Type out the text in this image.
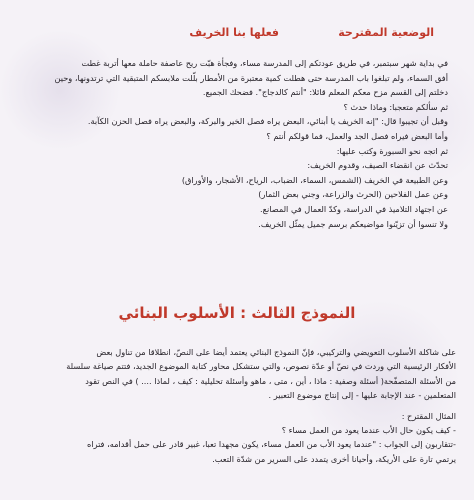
الوضعية المقترحة
فعلها بنا الخريف

في بداية شهر سبتمبر، في طريق عودتكم إلى المدرسة مساء، وفجأة هبّت ريح عاصفة حاملة معها أتربة غطت

أفق السماء، ولم تبلغوا باب المدرسة حتى هطلت كمية معتبرة من الأمطار بلّلت ملابسكم المتبقية التي ترتدونها، وحين

دخلتم إلى القسم مزح معكم المعلم قائلا: "أنتم كالدجاج". فضحك الجميع.

ثم سألكم متعجبا: وماذا حدث ؟

وقبل أن تجيبوا قال: "إنه الخريف يا أبنائي، البعض يراه فصل الخير والبركة، والبعض يراه فصل الحزن الكآبة.

وأما البعض فيراه فصل الجد والعمل، فما قولكم أنتم ؟

ثم اتجه نحو السبورة وكتب عليها:

تحدّث عن انقضاء الصيف، وقدوم الخريف:

وعن الطبيعة في الخريف (الشمس، السماء، الضباب، الرياح، الأشجار، والأوراق)

وعن عمل الفلاحين (الحرث والزراعة، وجني بعض الثمار)

عن اجتهاد التلاميذ في الدراسة، وكدّ العمال في المصانع.

ولا تنسوا أن تزيّنوا مواضيعكم برسم جميل يمثّل الخريف.

النموذج الثالث : الأسلوب البنائي

على شاكلة الأسلوب التعويضي والتركيبي، فإنّ النموذج البنائي يعتمد أيضا على النصّ، انطلاقا من تناول بعض

الأفكار الرئيسية التي وردت في نصّ أو عدّة نصوص، والتي ستشكل محاور كتابة الموضوع الجديد، فتتم صياغة سلسلة

من الأسئلة المتصفّحة( أسئلة وصفية : ماذا ، أين ، متى ، ماهو وأسئلة تحليلية : كيف ، لماذا .... ) في النص تقود

المتعلمين - عند الإجابة عليها - إلى إنتاج موضوع التعبير .

المثال المقترح :

- كيف يكون حال الأب عندما يعود من العمل مساء ؟

-تتقاربون إلى الجواب : "عندما يعود الأب من العمل مساء، يكون مجهدا تعبا، غبير قادر على حمل أقدامه، فتراه

يرتمي تارة على الأريكة، وأحيانا أخرى يتمدد على السرير من شدّة التعب.
